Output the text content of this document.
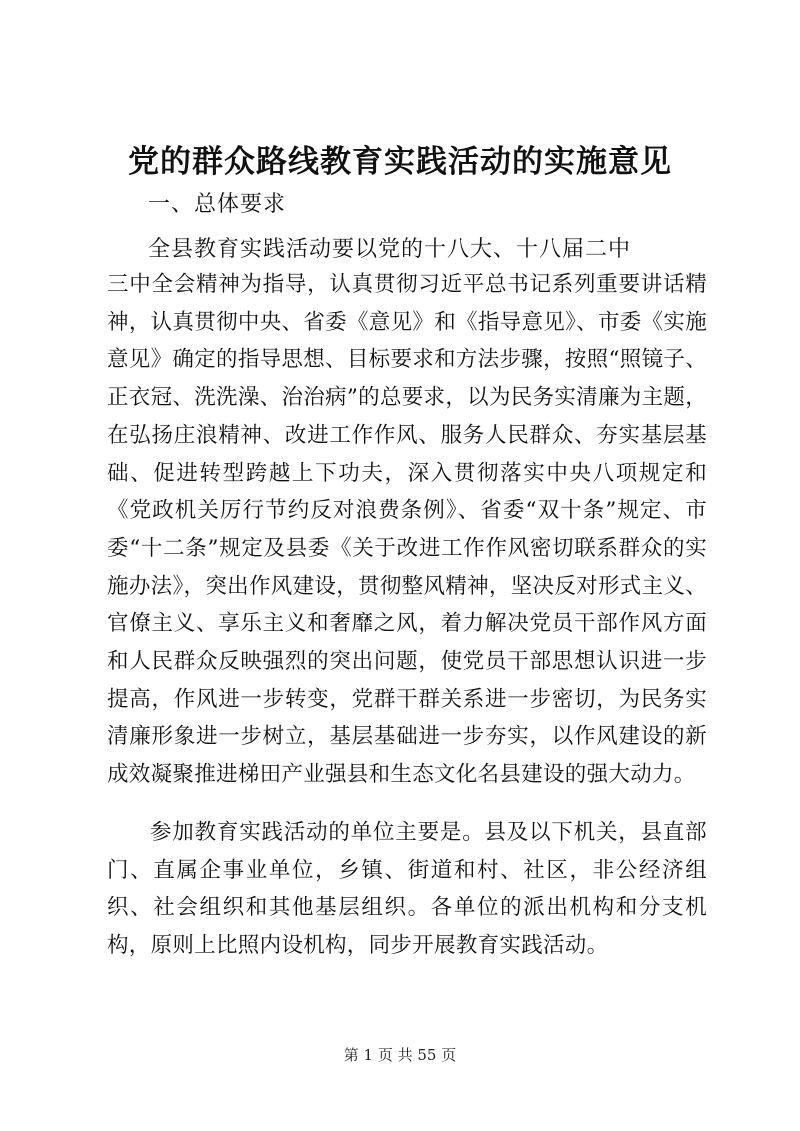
党的群众路线教育实践活动的实施意见
一、总体要求
全县教育实践活动要以党的十八大、十八届二中
三中全会精神为指导，认真贯彻习近平总书记系列重要讲话精神，认真贯彻中央、省委《意见》和《指导意见》、市委《实施意见》确定的指导思想、目标要求和方法步骤，按照“照镜子、正衣冠、洗洗澡、治治病”的总要求，以为民务实清廉为主题，在弘扬庄浪精神、改进工作作风、服务人民群众、夯实基层基础、促进转型跨越上下功夫，深入贯彻落实中央八项规定和《党政机关厉行节约反对浪费条例》、省委“双十条”规定、市委“十二条”规定及县委《关于改进工作作风密切联系群众的实施办法》，突出作风建设，贯彻整风精神，坚决反对形式主义、官僚主义、享乐主义和奢靡之风，着力解决党员干部作风方面和人民群众反映强烈的突出问题，使党员干部思想认识进一步提高，作风进一步转变，党群干群关系进一步密切，为民务实清廉形象进一步树立，基层基础进一步夯实，以作风建设的新成效凝聚推进梯田产业强县和生态文化名县建设的强大动力。
参加教育实践活动的单位主要是。县及以下机关，县直部门、直属企事业单位，乡镇、街道和村、社区，非公经济组织、社会组织和其他基层组织。各单位的派出机构和分支机构，原则上比照内设机构，同步开展教育实践活动。
第 1 页 共 55 页
